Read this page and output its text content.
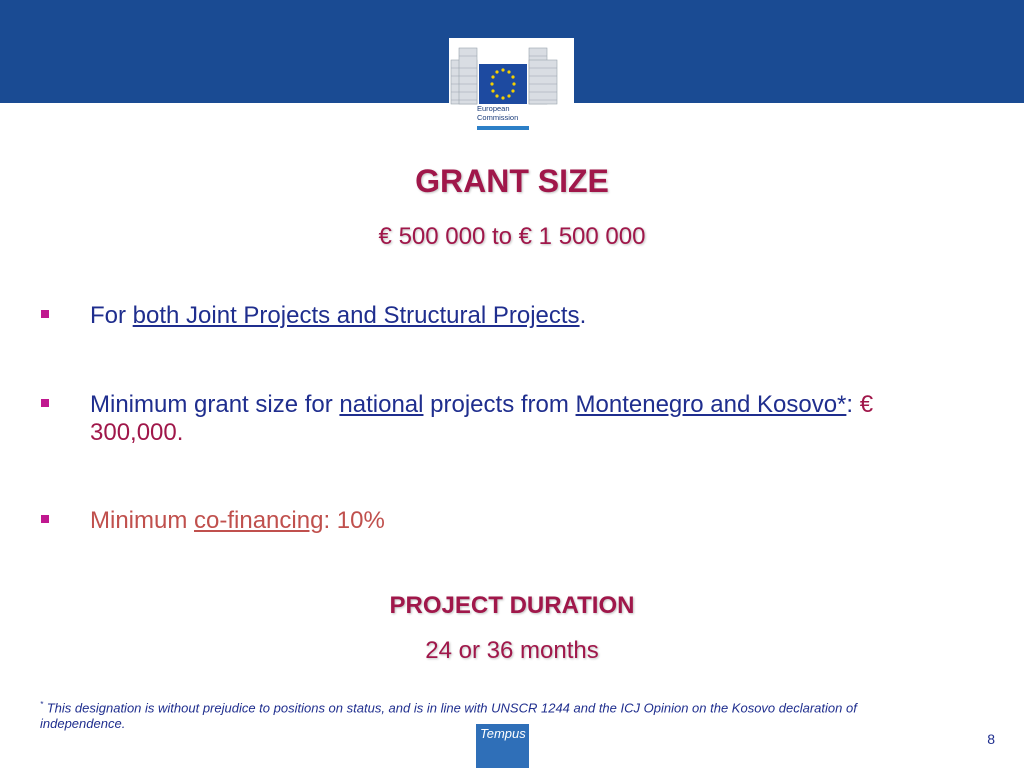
European
Commission
GRANT SIZE
€ 500 000 to € 1 500 000
For both Joint Projects and Structural Projects.
Minimum grant size for national projects from Montenegro and Kosovo*: € 300,000.
Minimum co-financing: 10%
PROJECT DURATION
24 or 36 months
* This designation is without prejudice to positions on status, and is in line with UNSCR 1244 and the ICJ Opinion on the Kosovo declaration of independence.
Tempus	8
